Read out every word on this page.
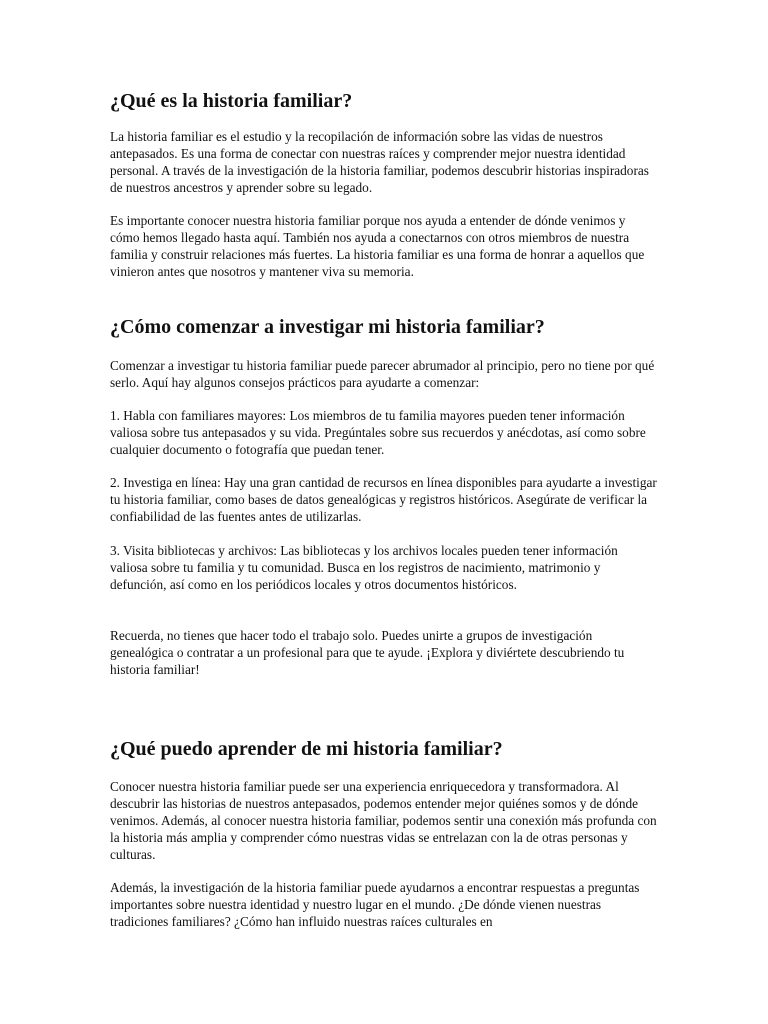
¿Qué es la historia familiar?

La historia familiar es el estudio y la recopilación de información sobre las vidas de nuestros antepasados. Es una forma de conectar con nuestras raíces y comprender mejor nuestra identidad personal. A través de la investigación de la historia familiar, podemos descubrir historias inspiradoras de nuestros ancestros y aprender sobre su legado.

Es importante conocer nuestra historia familiar porque nos ayuda a entender de dónde venimos y cómo hemos llegado hasta aquí. También nos ayuda a conectarnos con otros miembros de nuestra familia y construir relaciones más fuertes. La historia familiar es una forma de honrar a aquellos que vinieron antes que nosotros y mantener viva su memoria.

¿Cómo comenzar a investigar mi historia familiar?

Comenzar a investigar tu historia familiar puede parecer abrumador al principio, pero no tiene por qué serlo. Aquí hay algunos consejos prácticos para ayudarte a comenzar:

1. Habla con familiares mayores: Los miembros de tu familia mayores pueden tener información valiosa sobre tus antepasados y su vida. Pregúntales sobre sus recuerdos y anécdotas, así como sobre cualquier documento o fotografía que puedan tener.

2. Investiga en línea: Hay una gran cantidad de recursos en línea disponibles para ayudarte a investigar tu historia familiar, como bases de datos genealógicas y registros históricos. Asegúrate de verificar la confiabilidad de las fuentes antes de utilizarlas.

3. Visita bibliotecas y archivos: Las bibliotecas y los archivos locales pueden tener información valiosa sobre tu familia y tu comunidad. Busca en los registros de nacimiento, matrimonio y defunción, así como en los periódicos locales y otros documentos históricos.

Recuerda, no tienes que hacer todo el trabajo solo. Puedes unirte a grupos de investigación genealógica o contratar a un profesional para que te ayude. ¡Explora y diviértete descubriendo tu historia familiar!

¿Qué puedo aprender de mi historia familiar?

Conocer nuestra historia familiar puede ser una experiencia enriquecedora y transformadora. Al descubrir las historias de nuestros antepasados, podemos entender mejor quiénes somos y de dónde venimos. Además, al conocer nuestra historia familiar, podemos sentir una conexión más profunda con la historia más amplia y comprender cómo nuestras vidas se entrelazan con la de otras personas y culturas.

Además, la investigación de la historia familiar puede ayudarnos a encontrar respuestas a preguntas importantes sobre nuestra identidad y nuestro lugar en el mundo. ¿De dónde vienen nuestras tradiciones familiares? ¿Cómo han influido nuestras raíces culturales en
